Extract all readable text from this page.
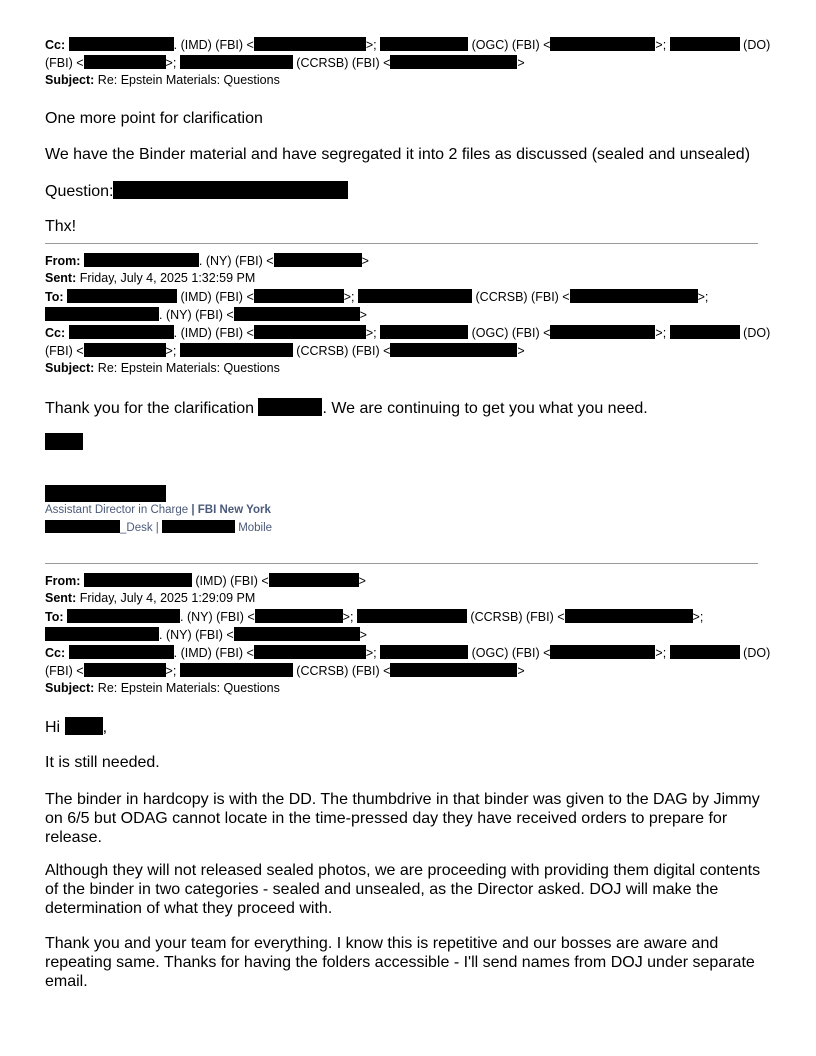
Cc:	. (IMD) (FBI) <	>;	(OGC) (FBI) <	>;	(DO)
(FBI) <	>;	(CCRSB) (FBI) <	>
Subject: Re: Epstein Materials: Questions
One more point for clarification
We have the Binder material and have segregated it into 2 files as discussed (sealed and unsealed)
Question:
Thx!
From:	. (NY) (FBI) <	>
Sent: Friday, July 4, 2025 1:32:59 PM
To:	(IMD) (FBI) <	>;	(CCRSB) (FBI) <	>;
. (NY) (FBI) <	>
Cc:	. (IMD) (FBI) <	>;	(OGC) (FBI) <	>;	(DO)
(FBI) <	>;	(CCRSB) (FBI) <	>
Subject: Re: Epstein Materials: Questions
Thank you for the clarification	. We are continuing to get you what you need.
Assistant Director in Charge | FBI New York
_Desk |	Mobile
From:	(IMD) (FBI) <	>
Sent: Friday, July 4, 2025 1:29:09 PM
To:	. (NY) (FBI) <	>;	(CCRSB) (FBI) <	>;
. (NY) (FBI) <	>
Cc:	. (IMD) (FBI) <	>;	(OGC) (FBI) <	>;	(DO)
(FBI) <	>;	(CCRSB) (FBI) <	>
Subject: Re: Epstein Materials: Questions
Hi	,
It is still needed.
The binder in hardcopy is with the DD. The thumbdrive in that binder was given to the DAG by Jimmy on 6/5 but ODAG cannot locate in the time-pressed day they have received orders to prepare for release.
Although they will not released sealed photos, we are proceeding with providing them digital contents of the binder in two categories - sealed and unsealed, as the Director asked. DOJ will make the determination of what they proceed with.
Thank you and your team for everything. I know this is repetitive and our bosses are aware and repeating same. Thanks for having the folders accessible - I'll send names from DOJ under separate email.
